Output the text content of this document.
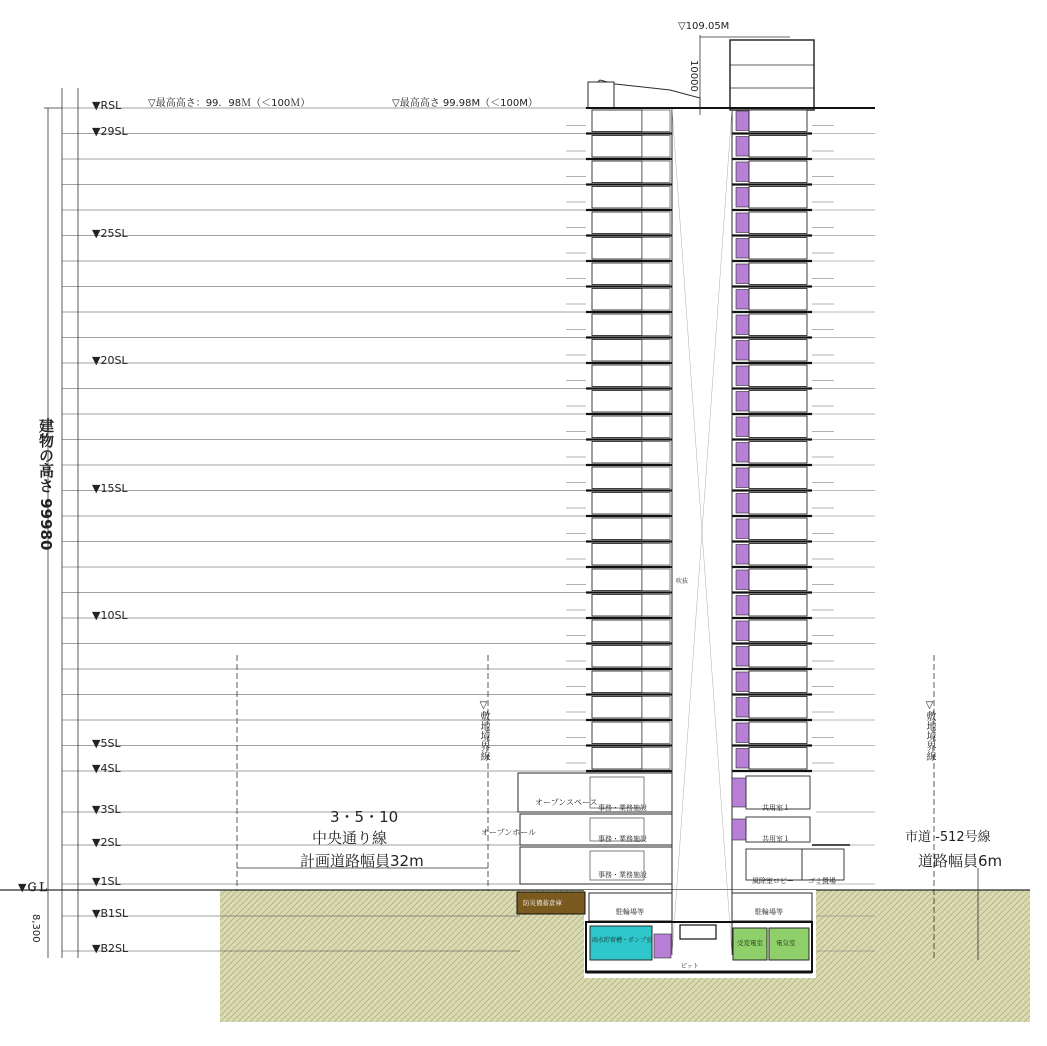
▽109.05M
10000
▽最高高さ：99．98Ｍ（＜100Ｍ）	▽最高高さ 99.98M（＜100M）
建物の高さ 99980
8,300
▼ＧＬ
▼RSL
▼29SL
▼25SL
▼20SL
▼15SL
▼10SL
▼5SL
▼4SL
▼3SL
▼2SL
▼1SL
▼B1SL
▼B2SL
3・5・10
中央通り線
計画道路幅員32m
市道 -512号線
道路幅員6m
▽敷地境界線	▽敷地境界線
オープンスペース
オープンホール
事務・業務施設
事務・業務施設
事務・業務施設
共用室１
共用室１
風除室ロビー ゴミ置場
防災備蓄倉庫
駐輪場等	駐輪場等
雨水貯留槽・ポンプ室	受変電室 電気室
ピット
吹抜
